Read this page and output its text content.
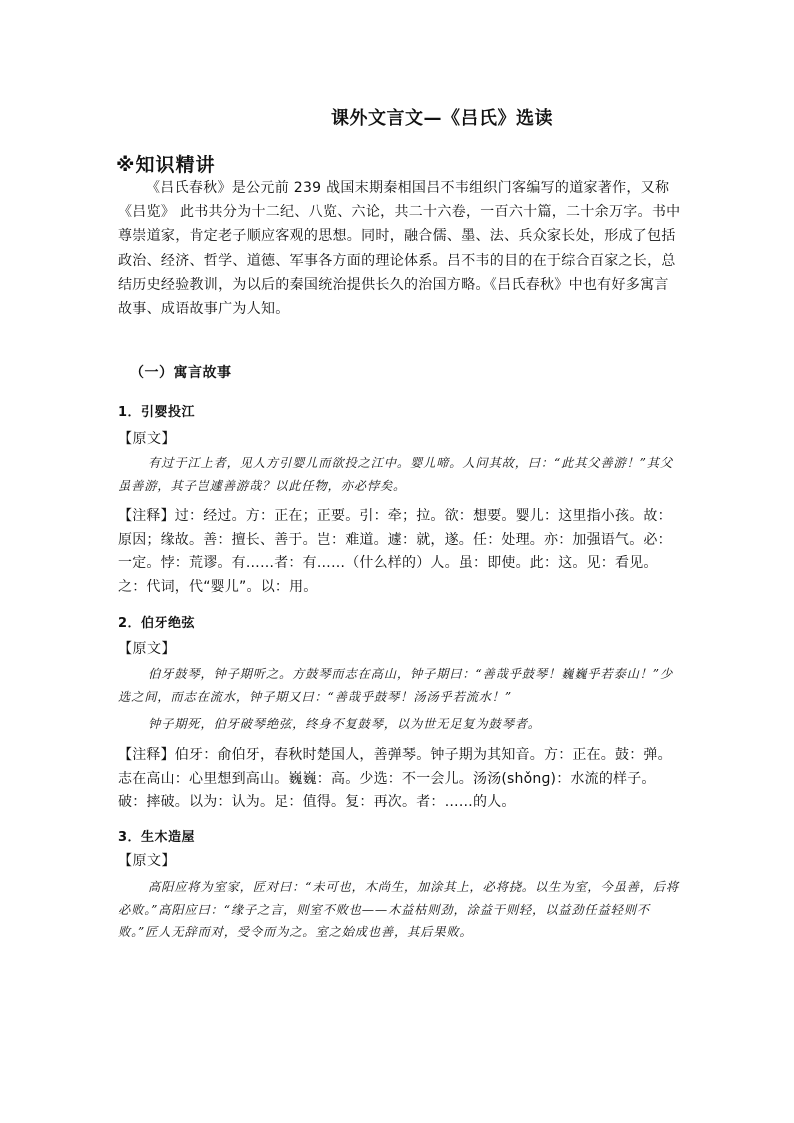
课外文言文—《吕氏》选读
※知识精讲

《吕氏春秋》是公元前 239 战国末期秦相国吕不韦组织门客编写的道家著作，又称《吕览》 此书共分为十二纪、八览、六论，共二十六卷，一百六十篇，二十余万字。书中尊崇道家，肯定老子顺应客观的思想。同时，融合儒、墨、法、兵众家长处，形成了包括政治、经济、哲学、道德、军事各方面的理论体系。吕不韦的目的在于综合百家之长，总结历史经验教训，为以后的秦国统治提供长久的治国方略。《吕氏春秋》中也有好多寓言故事、成语故事广为人知。

（一）寓言故事
1．引婴投江
【原文】
有过于江上者，见人方引婴儿而欲投之江中。婴儿啼。人问其故，曰：“此其父善游！”其父虽善游，其子岂遽善游哉？以此任物，亦必悖矣。
【注释】过：经过。方：正在；正要。引：牵；拉。欲：想要。婴儿：这里指小孩。故：原因；缘故。善：擅长、善于。岂：难道。遽：就，遂。任：处理。亦：加强语气。必：一定。悖：荒谬。有……者：有……（什么样的）人。虽：即使。此：这。见：看见。之：代词，代“婴儿”。以：用。
2．伯牙绝弦
【原文】
伯牙鼓琴，钟子期听之。方鼓琴而志在高山，钟子期曰：“善哉乎鼓琴！巍巍乎若泰山！”少选之间，而志在流水，钟子期又曰：“善哉乎鼓琴！汤汤乎若流水！”
钟子期死，伯牙破琴绝弦，终身不复鼓琴，以为世无足复为鼓琴者。
【注释】伯牙：俞伯牙，春秋时楚国人，善弹琴。钟子期为其知音。方：正在。鼓：弹。志在高山：心里想到高山。巍巍：高。少选：不一会儿。汤汤(shǒnɡ)：水流的样子。破：摔破。以为：认为。足：值得。复：再次。者：……的人。
3．生木造屋
【原文】
高阳应将为室家，匠对曰：“未可也，木尚生，加涂其上，必将挠。以生为室，今虽善，后将必败。”高阳应曰：“缘子之言，则室不败也——木益枯则劲，涂益干则轻，以益劲任益轻则不败。”匠人无辞而对，受令而为之。室之始成也善，其后果败。
